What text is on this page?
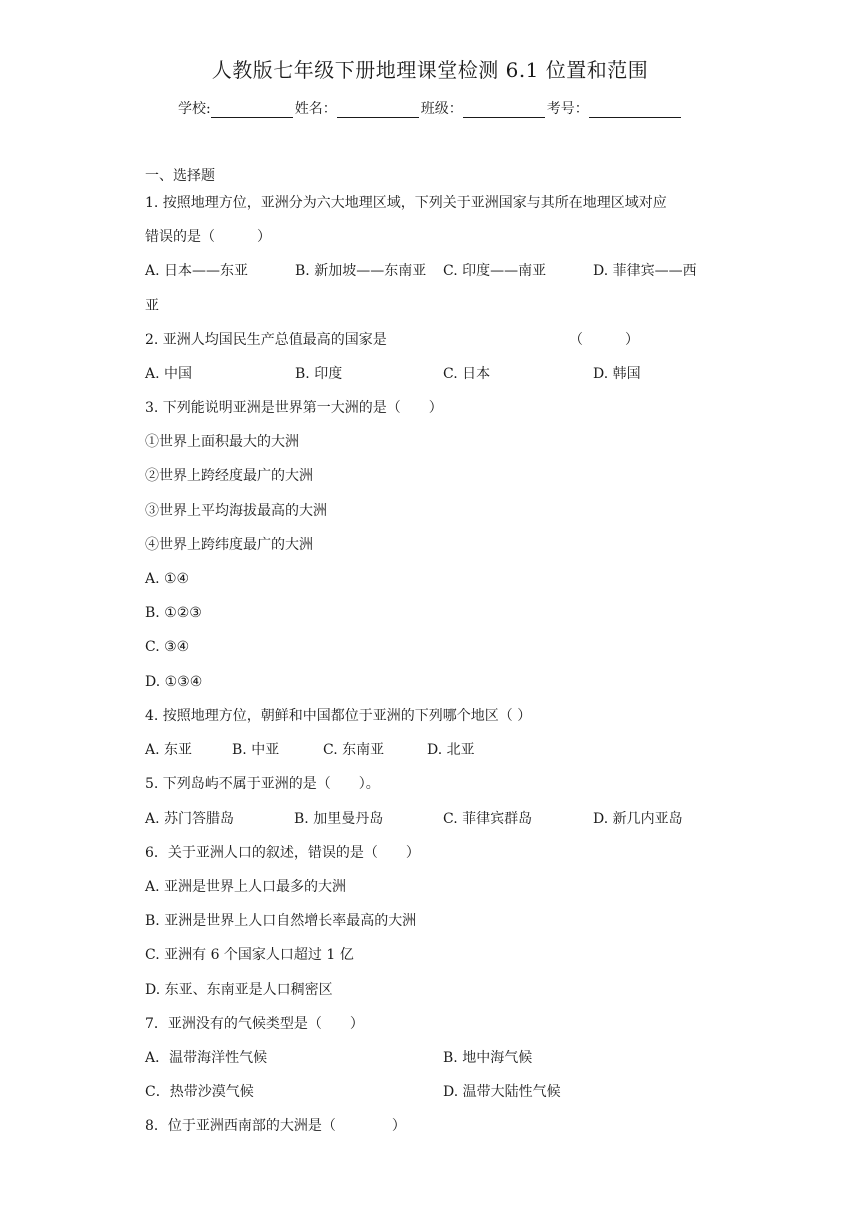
人教版七年级下册地理课堂检测 6.1 位置和范围
学校:	姓名：	班级：	考号：
一、选择题
1. 按照地理方位，亚洲分为六大地理区域，下列关于亚洲国家与其所在地理区域对应
错误的是（　　　）
A. 日本——东亚	B. 新加坡——东南亚 C. 印度——南亚	D. 菲律宾——西
亚
2. 亚洲人均国民生产总值最高的国家是	（　　　）
A. 中国	B. 印度	C. 日本	D. 韩国
3. 下列能说明亚洲是世界第一大洲的是（　　）
①世界上面积最大的大洲
②世界上跨经度最广的大洲
③世界上平均海拔最高的大洲
④世界上跨纬度最广的大洲
A. ①④
B. ①②③
C. ③④
D. ①③④
4. 按照地理方位，朝鲜和中国都位于亚洲的下列哪个地区（ ）
A. 东亚	B. 中亚	C. 东南亚	D. 北亚
5. 下列岛屿不属于亚洲的是（　　）。
A. 苏门答腊岛	B. 加里曼丹岛	C. 菲律宾群岛	D. 新几内亚岛
6．关于亚洲人口的叙述，错误的是（　　）
A. 亚洲是世界上人口最多的大洲
B. 亚洲是世界上人口自然增长率最高的大洲
C. 亚洲有 6 个国家人口超过 1 亿
D. 东亚、东南亚是人口稠密区
7．亚洲没有的气候类型是（　　）
A．温带海洋性气候	B. 地中海气候
C．热带沙漠气候	D. 温带大陆性气候
8．位于亚洲西南部的大洲是（　　　　）
